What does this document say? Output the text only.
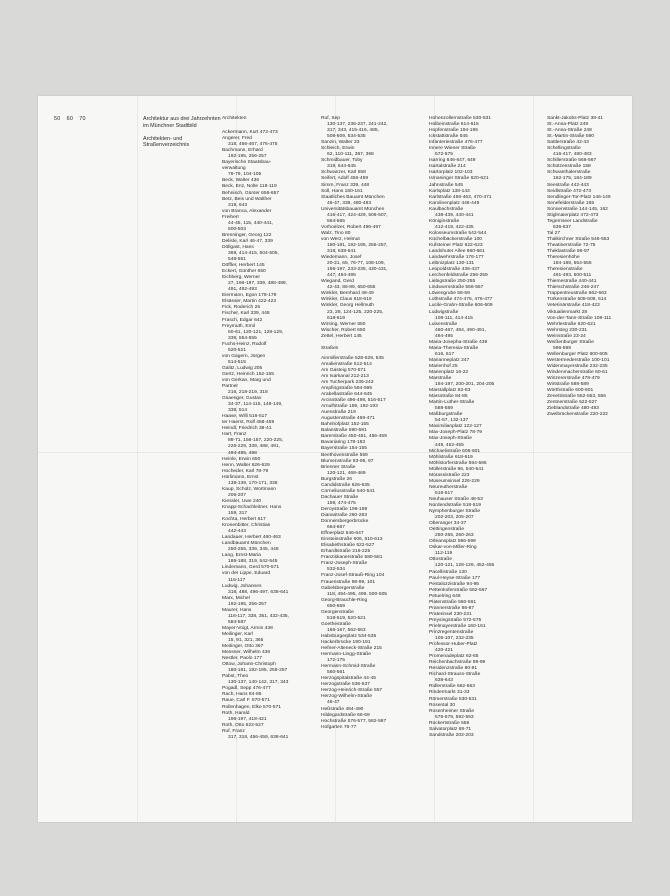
50 60 70	Architektur aus drei Jahrzehnten im Münchner Stadtbild
Architekten- und Straßenverzeichnis
Architekten
Ackermann, Kurt 472-473
Angerer, Fred
318, 466-467, 476-475
Bachmann, Erhard
192-195, 256-257
Bayerische Staatsbau-
verwaltung
78-79, 104-105
Beck, Walter 436
Beck, Enz, Nolte 118-119
Behnisch, Günter 656-657
Betz, Beis und Walther
319, 643
von Branca, Alexander
Freiherr
44-45, 115, 440-441,
500-503
Brenninger, Georg 122
Delisle, Karl 46-47, 339
Döllgast, Hans
369, 414-415, 504-505,
548-551
Döffler, Herbert 145
Eckert, Günther 650
Eichberg, Werner
27, 196-197, 339, 488-489,
491, 492-493
Eiermann, Egon 178-179
Elsässer, Martin 422-423
Fick, Roderich 26
Fischer, Karl 339, 448
Frasch, Edgar 642
Freymuth, Emil
60-61, 120-121, 128-129,
339, 554-555
Fuchs-Heinz, Rudolf
520-521
von Gagern, Jürgen
514-515
Galitz, Ludwig 205
Gertz, Heinrich 152-155
von Gerkan, Marg und
Partner
216, 218-219, 318
Gsaenger, Gustav
34-37, 114-115, 148-149,
338, 514
Haase, Willi 516-517
ter Haerst, Rolf 458-459
Heindl, Friedrich 38-41
Hart, Franz
88-71, 156-157, 220-225,
226-229, 339, 488, 491,
494-495, 498
Heinle, Erwin 650
Henn, Walter 626-629
Hocheder, Karl 78-79
Hürlimann, Ernst
138-139, 170-171, 338
Kaup, Scholz, Wortmann
206-207
Kiessler, Uwe 240
Knapp-Schachleitner, Hans
159, 317
Kochta, Herbert 617
Kronenbitter, Christian
442-443
Landauer, Herbert 460-463
Landbauamt München
250-255, 339, 345, 448
Lang, Ernst-Maria
186-188, 319, 542-545
Lindemann, Gerd 570-571
von der Lippe, Eduard
116-117
Ludwig, Johannes
318, 488, 496-497, 638-641
Marx, Michel
192-195, 256-257
Maurer, Hans
116-117, 338, 351, 432-435,
584-587
Mayer-Voigt, Armin 438
Meilinger, Karl
15, 91, 321, 365
Meitinger, Otto 367
Messner, Wilhelm 436
Nestler, Paolo 177
Ottow, Johann-Christoph
180-181, 192-195, 256-257
Pabst, Theo
130-137, 140-142, 317, 343
Pogadl, Sepp 476-477
Rach, Hans 84-85
Raue, Carl F. 570-571
Rollenhagen, Elke 570-571
Roth, Harald
196-197, 418-421
Roth, Otto 522-527
Ruf, Franz
317, 318, 456-459, 638-641
Ruf, Sep
130-137, 236-237, 241-242,
317, 343, 415-416, 485,
508-509, 534-535
Sanzin, Walter 33
Schleich, Erwin
62, 110-111, 367, 368
Schmidbauer, Toby
319, 644-645
Schwanzer, Karl 658
Seifert, Adolf 456-459
Simm, Franz 339, 448
Soll, Hans 160-161
Staatliches Bauamt München
46-47, 339, 480-483
Universitätsbauamt München
416-417, 424-429, 506-507,
564-565
Vorhoelzer, Robert 496-497
Walz, Tino 80
von Werz, Helmut
180-181, 192-195, 256-257,
318, 638-641
Wiedemann, Josef
20-21, 65, 76-77, 108-109,
196-197, 233-235, 430-431,
447, 494-495
Wiegand, Gerd
42-43, 86-89, 650-655
Winkler, Bernhard 48-49
Winkler, Claus 618-619
Winkler, Georg Hellmuth
23, 28, 124-125, 220-225,
618-619
Wirsing, Werner 650
Wischer, Robert 650
Zettel, Herbert 145
Straßen
Ainmillerstraße 528-529, 535
Amalienstraße 512-514
Am Gasteig 570-571
Am Isarkanal 212-213
Am Tucherpark 236-243
Ampfingstraße 594-595
Arabellastraße 644-645
Arcisstraße 496-498, 516-517
Arnulfstraße 159, 192-193
Auenstraße 219
Augustenstraße 469-471
Bahnhofplatz 152-155
Balanstraße 590-591
Barerstraße 450-451, 456-459
Bavariaring 178-183
Bayerstraße 154-155
Beethovenstraße 559
Blumenstraße 93-95, 97
Brienner Straße
120-121, 468-469
Burgstraße 26
Candidstraße 626-635
Corneliusstraße 540-541
Dachauer Straße
159, 474-475
Deroystraße 196-199
Dianastraße 260-263
Donnersbergerbrücke
664-667
Effnerplatz 646-647
Einsteinstraße 606, 610-613
Elisabethstraße 522-527
Erhardtstraße 216-225
Franziskanerstraße 580-581
Franz-Joseph-Straße
532-534
Franz-Josef-Strauß-Ring 104
Frauenstraße 98-99, 101
Gabelsbergerstraße
118, 494-495, 499, 500-505
Georg-Brauchle-Ring
650-659
Georgenstraße
518-519, 520-521
Goethestraße
166-167, 562-563
Habsburgerplatz 534-535
Hackerbrücke 190-191
Hefner-Alteneck-Straße 215
Hermann-Lingg-Straße
172-175
Hermann-Schmid-Straße
560-561
Herzogspitalstraße 44-45
Herzogstraße 536-537
Herzog-Heinrich-Straße 557
Herzog-Wilhelm-Straße
46-47
Heßstraße 484-490
Hildegardstraße 66-69
Hochstraße 576-577, 582-587
Hofgarten 76-77
Hohenzollernstraße 530-531
Holbeinstraße 614-615
Hopfenstraße 194-195
Ickstattstraße 545
Infanteriestraße 476-477
Innere Wiener Straße
572-575
Isarring 646-647, 649
Isartalstraße 214
Isartorplatz 102-103
Ismaninger Straße 620-621
Jahnstraße 545
Karlsplatz 138-143
Karlstraße 456-463, 470-471
Karolinenplatz 446-449
Kaulbachstraße
438-439, 440-441
Königinstraße
412-419, 422-435
Kolosseumstraße 542-544
Küchelbäckerstraße 100
Kufsteiner Platz 622-623
Landshuter Allee 660-661
Landwehrstraße 176-177
Leibnizplatz 130-131
Leopoldstraße 436-437
Lerchenfeldstraße 256-259
Liebigstraße 250-255
Lindwurmstraße 556-557
Löwengrube 58-59
Lothstraße 474-475, 476-477
Lucile-Grahn-Straße 606-609
Ludwigstraße
108-111, 414-415
Luisenstraße
460-467, 484, 490-491,
494-495
Maria-Josepha-Straße 439
Maria-Theresia-Straße
616, 617
Marianneplatz 247
Marienhof 25
Marienplatz 16-22
Marstraße
194-197, 200-201, 204-205
Marstallplatz 82-83
Marsstraße 84-85
Martin-Luther-Straße
588-589
Maßburgstraße
54-57, 132-137
Maximilianplatz 122-127
Max-Joseph-Platz 78-79
Max-Joseph-Straße
449, 452-455
Michaelistraße 606-601
Möhlstraße 618-619
Möhlstorferstraße 594-595
Müllerstraße 96, 540-541
Morassistraße 223
Museumsinsel 226-229
Neureutherstraße
516-517
Neuhauser Straße 48-53
Nordendstraße 518-519
Nymphenburger Straße
202-203, 205-207
Oberanger 34-37
Oettingenstraße
250-255, 260-263
Orleansplatz 596-599
Oskar-von-Miller-Ring
112-119
Ottostraße
120-121, 128-129, 452-455
Pacellistraße 130
Paul-Heyse-Straße 177
Pestalozzistraße 94-95
Pettenkoferstraße 562-567
Petuelring 648
Platenstraße 560-561
Prannerstraße 86-87
Praterinsel 230-231
Preysingstraße 572-575
Prielmayerstraße 160-161
Prinzregentenstraße
105-107, 232-235
Professor-Huber-Platz
420-421
Promenadeplatz 62-65
Reichenbachstraße 98-99
Residenzstraße 80-81
Richard-Strauss-Straße
638-643
Ridlerstraße 662-663
Rindermarkt 31-33
Römerstraße 530-531
Rosental 30
Rosenheimer Straße
576-579, 592-593
Rückertstraße 558
Salvatorplatz 68-71
Sandstraße 202-203
Sankt-Jakobs-Platz 38-41
St.-Anna-Platz 249
St.-Anna-Straße 248
St.-Martin-Straße 590
Sattlerstraße 42-43
Schellingstraße
416-417, 480-483
Schillerstraße 566-567
Schützenstraße 158
Schwanthalerstraße
162-175, 184-189
Seestraße 442-443
Seidlstraße 472-473
Sendlinger-Tor-Platz 146-149
Senefelderstraße 165
Sonnenstraße 144-145, 162
Stiglmaierplatz 472-473
Tegernseer Landstraße
636-637
Tal 27
Thalkirchner Straße 546-553
Theatinerstraße 72-75
Theklastraße 96-97
Theresienhöhe
184-189, 554-555
Theresienstraße
491-493, 500-511
Thiemestraße 440-441
Thierschstraße 246-247
Trappentreustraße 662-663
Türkenstraße 508-509, 514
Veterinärstraße 418-423
Viktualienmarkt 28
Von-der-Tann-Straße 108-111
Wehrlestraße 620-621
Wehrsteg 230-231
Weinstraße 23-24
Weißenburger Straße
596-599
Wellenburger Platz 600-605
Westermederstraße 100-101
Widenmayerstraße 232-235
Windenmacherstraße 60-61
Winzererstraße 478-479
Wirtstraße 588-589
Wörthstraße 600-601
Zenettistraße 552-553, 556
Zentnerstraße 522-527
Zieblandstraße 480-483
Zweibrückenstraße 220-222
